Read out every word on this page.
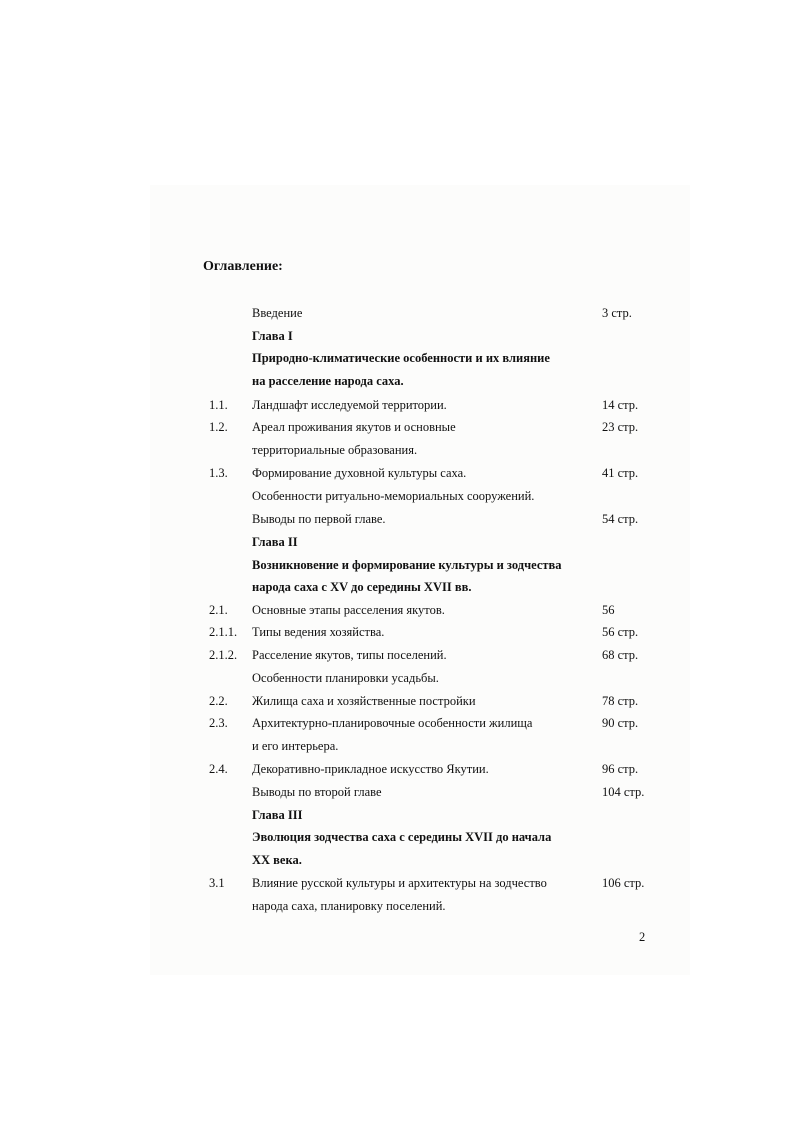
Оглавление:
Введение	3 стр.
Глава I
Природно-климатические особенности и их влияние
на расселение народа саха.
1.1. Ландшафт исследуемой территории.	14 стр.
1.2. Ареал проживания якутов и основные	23 стр.
территориальные образования.
1.3. Формирование духовной культуры саха.	41 стр.
Особенности ритуально-мемориальных сооружений.
Выводы по первой главе.	54 стр.
Глава II
Возникновение и формирование культуры и зодчества
народа саха с XV до середины XVII вв.
2.1. Основные этапы расселения якутов.	56
2.1.1. Типы ведения хозяйства.	56 стр.
2.1.2. Расселение якутов, типы поселений.	68 стр.
Особенности планировки усадьбы.
2.2. Жилища саха и хозяйственные постройки	78 стр.
2.3. Архитектурно-планировочные особенности жилища	90 стр.
и его интерьера.
2.4. Декоративно-прикладное искусство Якутии.	96 стр.
Выводы по второй главе	104 стр.
Глава III
Эволюция зодчества саха с середины XVII до начала
XX века.
3.1 Влияние русской культуры и архитектуры на зодчество	106 стр.
народа саха, планировку поселений.
2
